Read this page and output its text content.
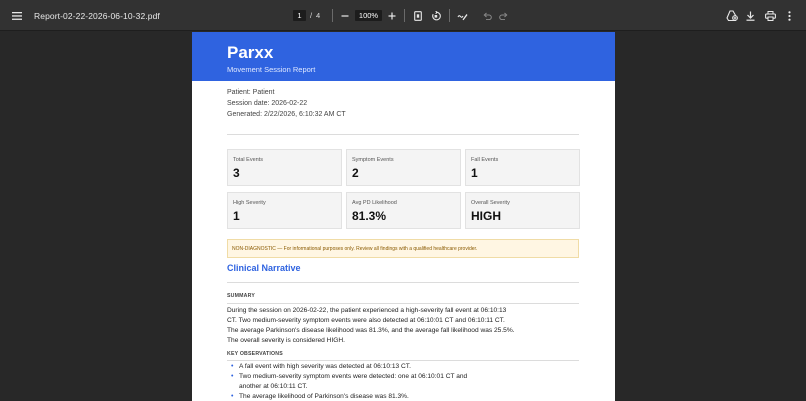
Report-02-22-2026-06-10-32.pdf	1	/ 4	100%
Parxx
Movement Session Report
Patient: Patient
Session date: 2026-02-22
Generated: 2/22/2026, 6:10:32 AM CT
Total Events
3
Symptom Events
2
Fall Events
1
High Severity
1
Avg PD Likelihood
81.3%
Overall Severity
HIGH
NON-DIAGNOSTIC — For informational purposes only. Review all findings with a qualified healthcare provider.
Clinical Narrative
SUMMARY
During the session on 2026-02-22, the patient experienced a high-severity fall event at 06:10:13 CT. Two medium-severity symptom events were also detected at 06:10:01 CT and 06:10:11 CT. The average Parkinson's disease likelihood was 81.3%, and the average fall likelihood was 25.5%. The overall severity is considered HIGH.
KEY OBSERVATIONS
• A fall event with high severity was detected at 06:10:13 CT.
• Two medium-severity symptom events were detected: one at 06:10:01 CT and another at 06:10:11 CT.
• The average likelihood of Parkinson's disease was 81.3%.
